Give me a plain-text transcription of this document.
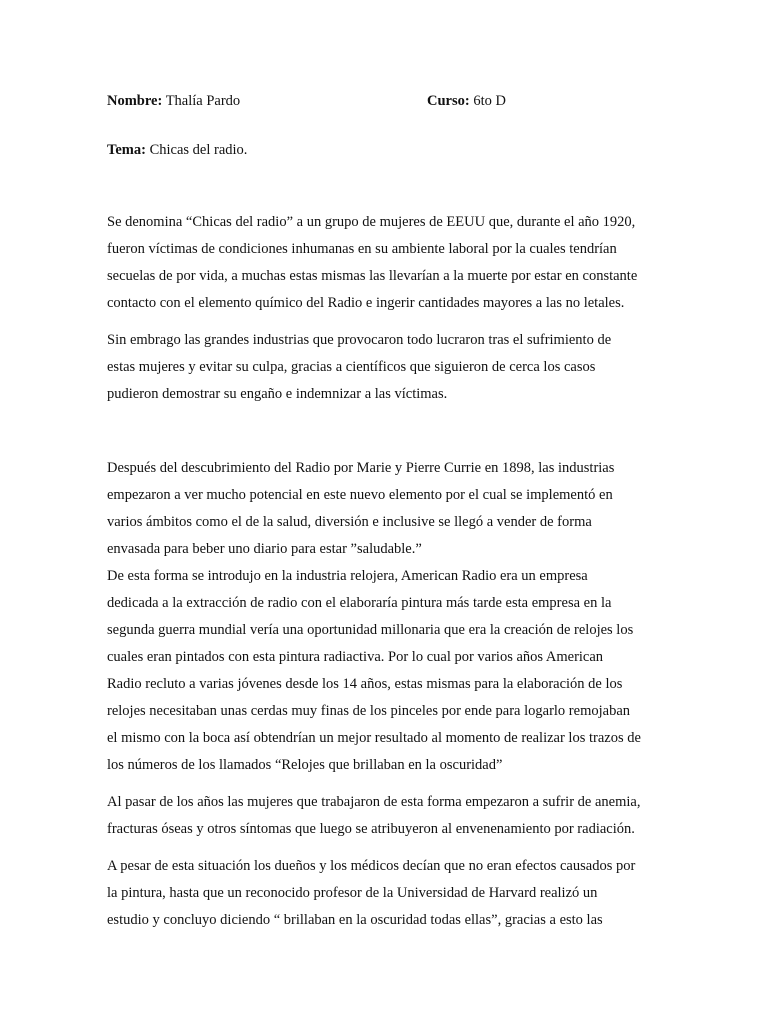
Nombre: Thalía Pardo	Curso: 6to D
Tema: Chicas del radio.
Se denomina “Chicas del radio” a un grupo de mujeres de EEUU que, durante el año 1920,
fueron víctimas de condiciones inhumanas en su ambiente laboral por la cuales tendrían
secuelas de por vida, a muchas estas mismas las llevarían a la muerte por estar en constante
contacto con el elemento químico del Radio e ingerir cantidades mayores a las no letales.
Sin embrago las grandes industrias que provocaron todo lucraron tras el sufrimiento de
estas mujeres y evitar su culpa, gracias a científicos que siguieron de cerca los casos
pudieron demostrar su engaño e indemnizar a las víctimas.
Después del descubrimiento del Radio por Marie y Pierre Currie en 1898, las industrias
empezaron a ver mucho potencial en este nuevo elemento por el cual se implementó en
varios ámbitos como el de la salud, diversión e inclusive se llegó a vender de forma
envasada para beber uno diario para estar ”saludable.”
De esta forma se introdujo en la industria relojera, American Radio era un empresa
dedicada a la extracción de radio con el elaboraría pintura más tarde esta empresa en la
segunda guerra mundial vería una oportunidad millonaria que era la creación de relojes los
cuales eran pintados con esta pintura radiactiva. Por lo cual por varios años American
Radio recluto a varias jóvenes desde los 14 años, estas mismas para la elaboración de los
relojes necesitaban unas cerdas muy finas de los pinceles por ende para logarlo remojaban
el mismo con la boca así obtendrían un mejor resultado al momento de realizar los trazos de
los números de los llamados “Relojes que brillaban en la oscuridad”
Al pasar de los años las mujeres que trabajaron de esta forma empezaron a sufrir de anemia,
fracturas óseas y otros síntomas que luego se atribuyeron al envenenamiento por radiación.
A pesar de esta situación los dueños y los médicos decían que no eran efectos causados por
la pintura, hasta que un reconocido profesor de la Universidad de Harvard realizó un
estudio y concluyo diciendo “ brillaban en la oscuridad todas ellas”, gracias a esto las
